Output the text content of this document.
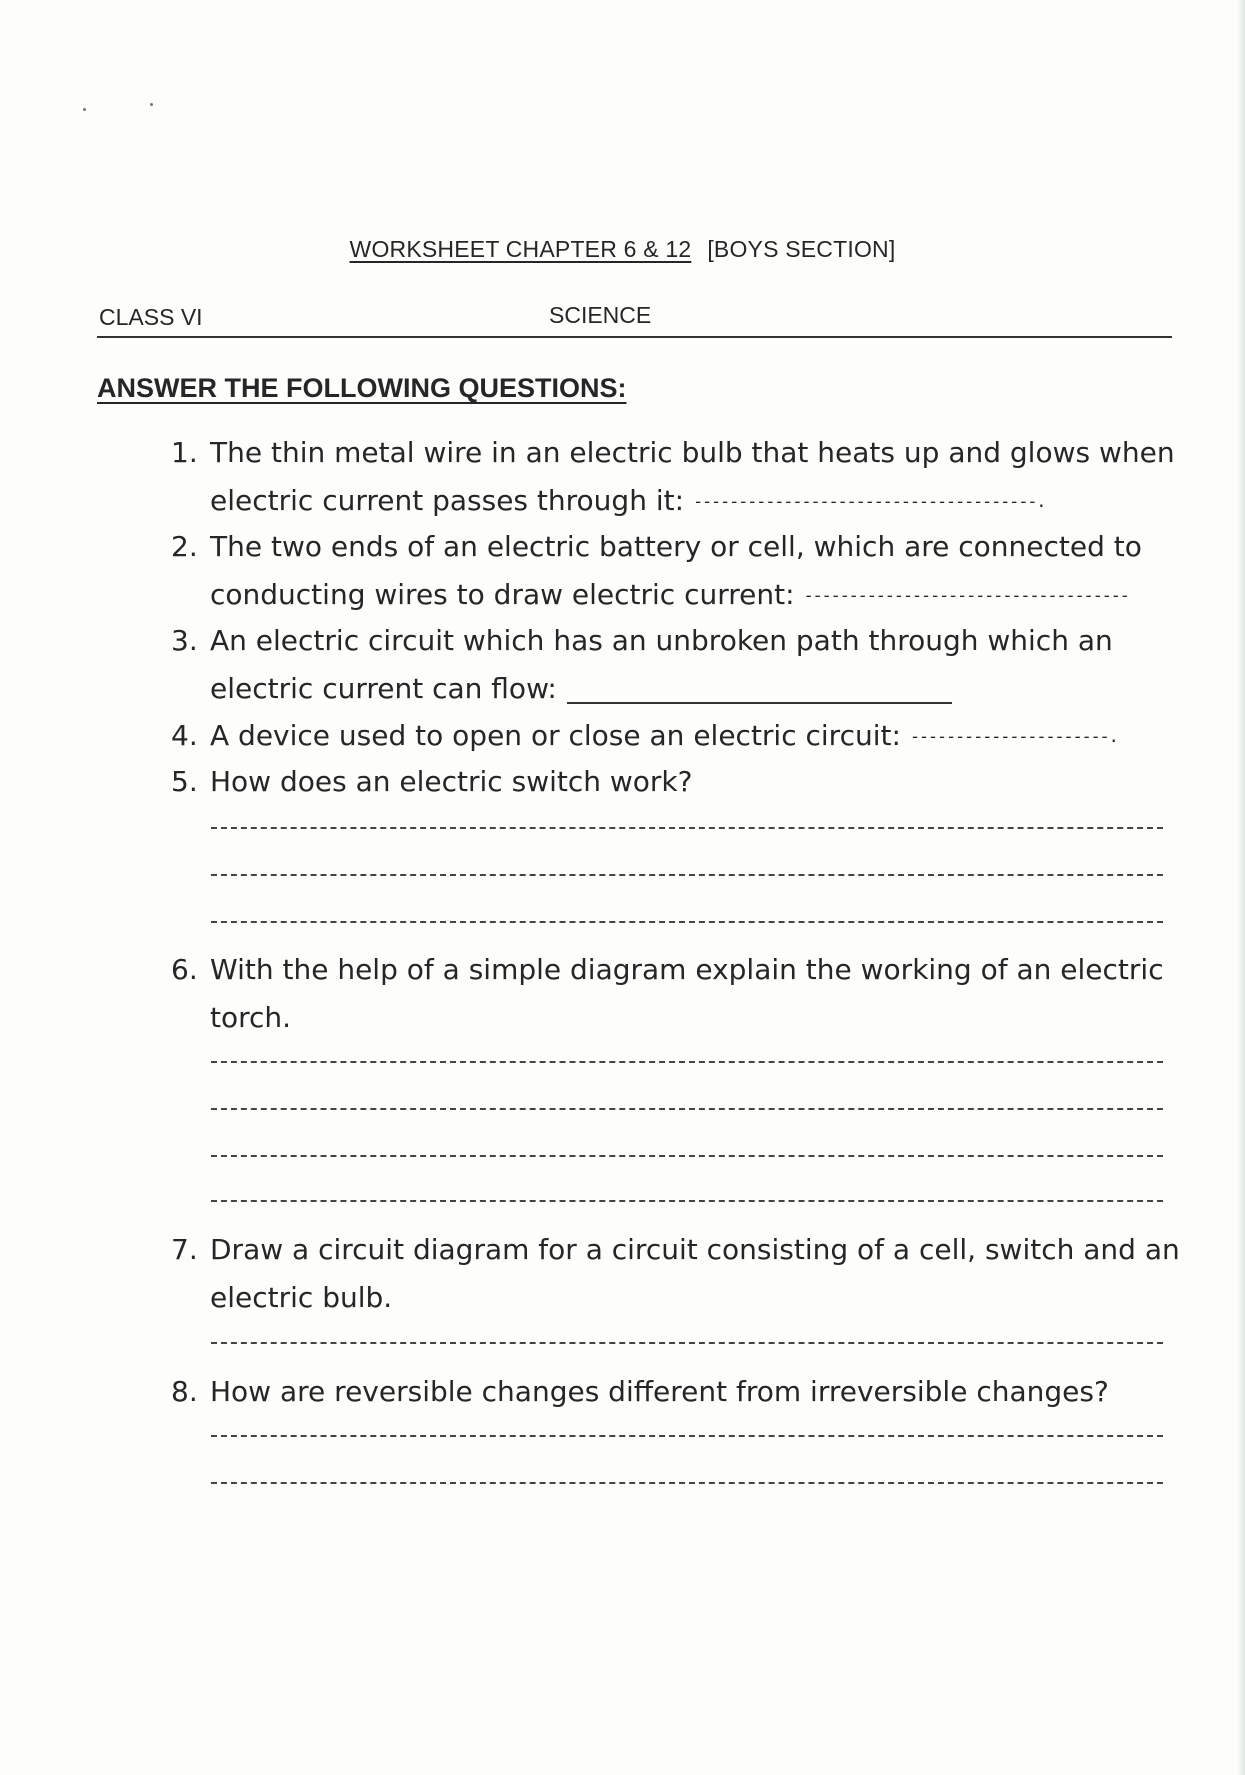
WORKSHEET CHAPTER 6 & 12 [BOYS SECTION]
CLASS VI	SCIENCE
ANSWER THE FOLLOWING QUESTIONS:
1. The thin metal wire in an electric bulb that heats up and glows when
electric current passes through it: --------------------------------------.
2. The two ends of an electric battery or cell, which are connected to
conducting wires to draw electric current: ------------------------------------
3. An electric circuit which has an unbroken path through which an
electric current can flow:
4. A device used to open or close an electric circuit: ----------------------.
5. How does an electric switch work?
6. With the help of a simple diagram explain the working of an electric
torch.
7. Draw a circuit diagram for a circuit consisting of a cell, switch and an
electric bulb.
8. How are reversible changes different from irreversible changes?
